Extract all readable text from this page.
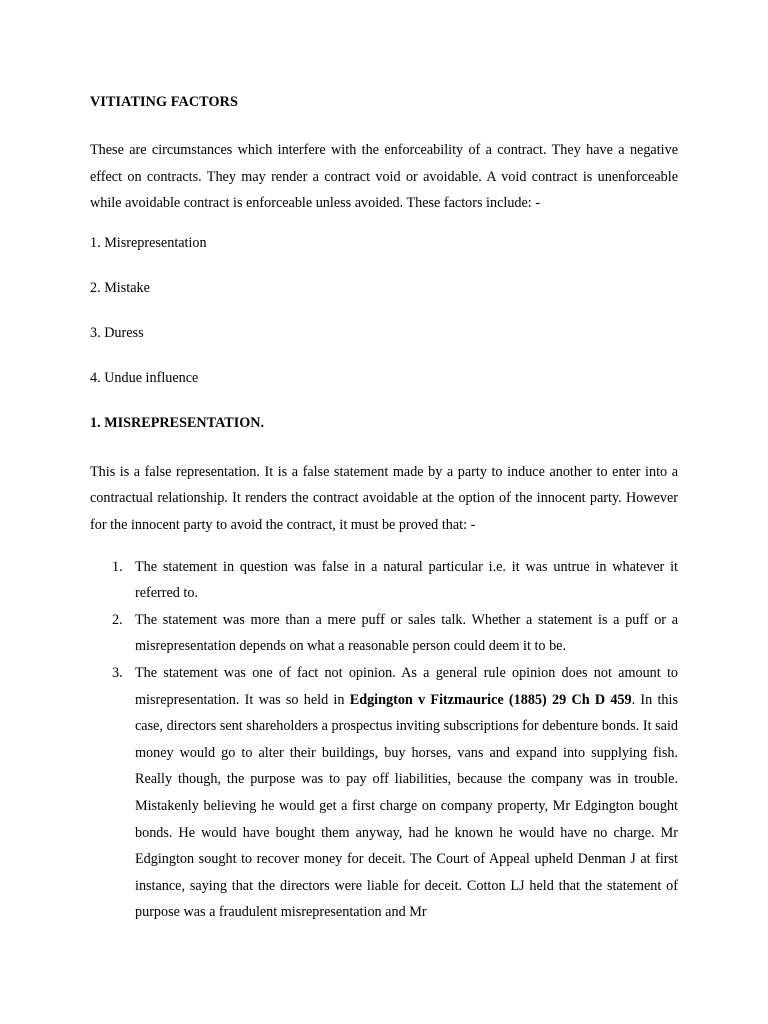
VITIATING FACTORS

These are circumstances which interfere with the enforceability of a contract. They have a negative effect on contracts. They may render a contract void or avoidable. A void contract is unenforceable while avoidable contract is enforceable unless avoided. These factors include: -

1. Misrepresentation
2. Mistake
3. Duress
4. Undue influence
1. MISREPRESENTATION.

This is a false representation. It is a false statement made by a party to induce another to enter into a contractual relationship. It renders the contract avoidable at the option of the innocent party. However for the innocent party to avoid the contract, it must be proved that: -

1. The statement in question was false in a natural particular i.e. it was untrue in whatever it referred to.
2. The statement was more than a mere puff or sales talk. Whether a statement is a puff or a misrepresentation depends on what a reasonable person could deem it to be.
3. The statement was one of fact not opinion. As a general rule opinion does not amount to misrepresentation. It was so held in Edgington v Fitzmaurice (1885) 29 Ch D 459. In this case, directors sent shareholders a prospectus inviting subscriptions for debenture bonds. It said money would go to alter their buildings, buy horses, vans and expand into supplying fish. Really though, the purpose was to pay off liabilities, because the company was in trouble. Mistakenly believing he would get a first charge on company property, Mr Edgington bought bonds. He would have bought them anyway, had he known he would have no charge. Mr Edgington sought to recover money for deceit. The Court of Appeal upheld Denman J at first instance, saying that the directors were liable for deceit. Cotton LJ held that the statement of purpose was a fraudulent misrepresentation and Mr
